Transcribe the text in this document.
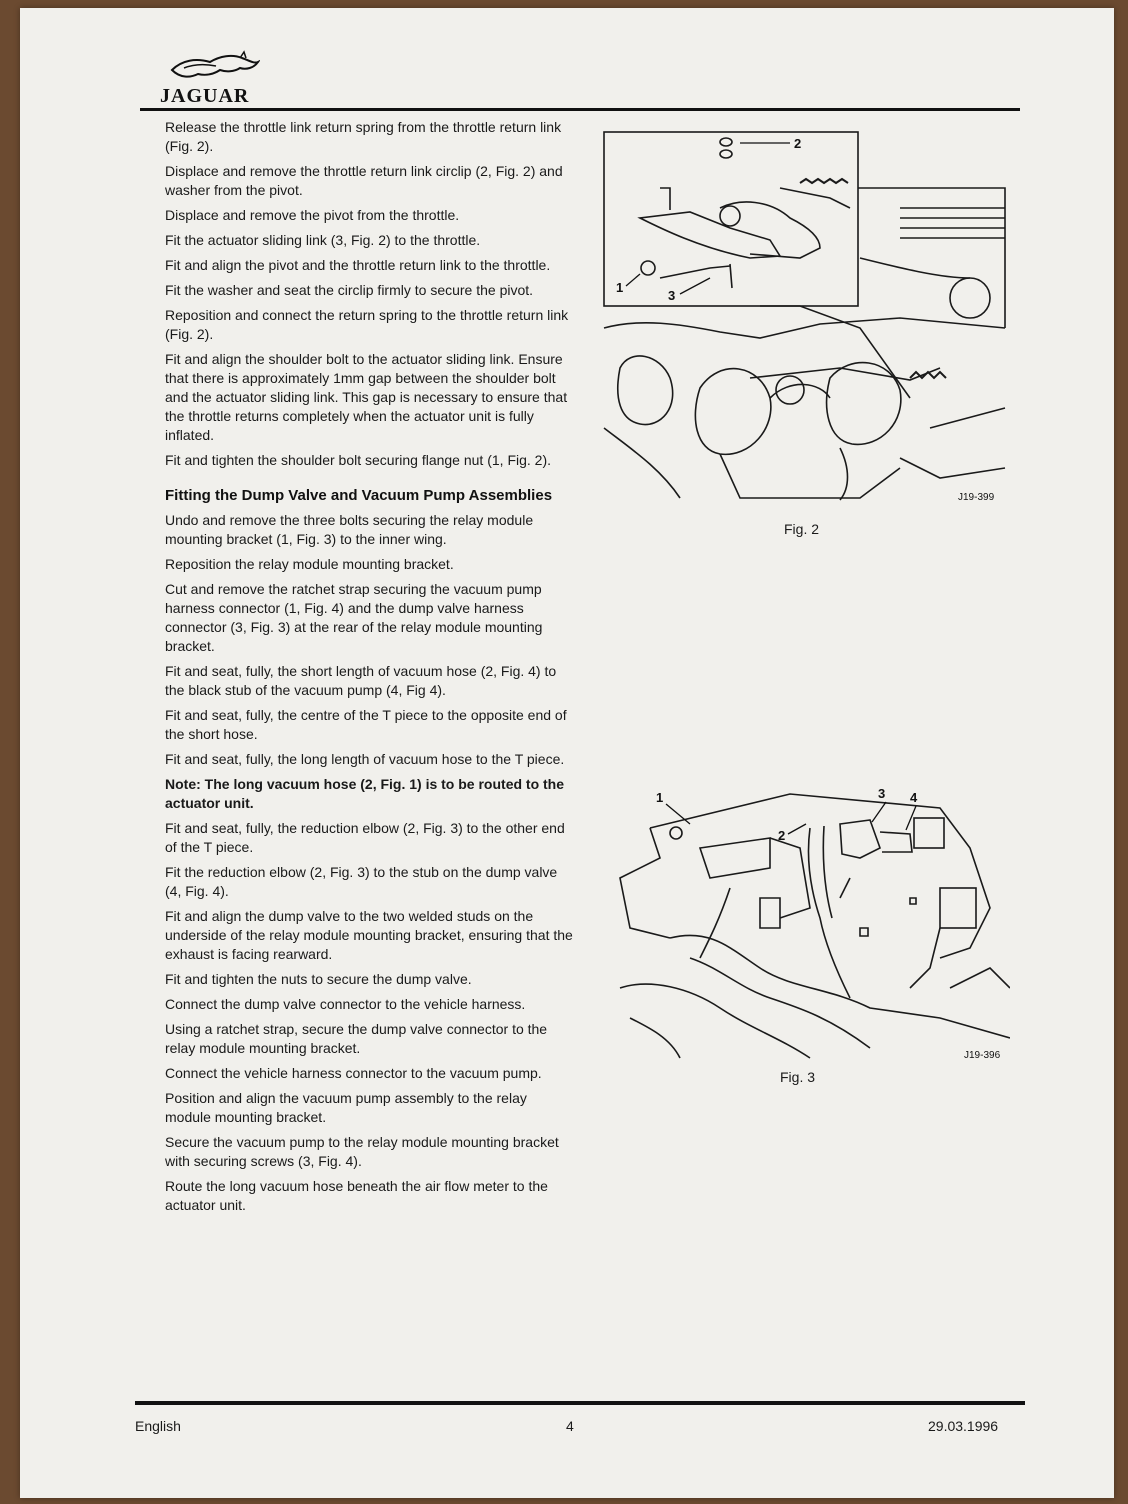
JAGUAR
Release the throttle link return spring from the throttle return link (Fig. 2).
Displace and remove the throttle return link circlip (2, Fig. 2) and washer from the pivot.
Displace and remove the pivot from the throttle.
Fit the actuator sliding link (3, Fig. 2) to the throttle.
Fit and align the pivot and the throttle return link to the throttle.
Fit the washer and seat the circlip firmly to secure the pivot.
Reposition and connect the return spring to the throttle return link (Fig. 2).
Fit and align the shoulder bolt to the actuator sliding link. Ensure that there is approximately 1mm gap between the shoulder bolt and the actuator sliding link. This gap is necessary to ensure that the throttle returns completely when the actuator unit is fully inflated.
Fit and tighten the shoulder bolt securing flange nut (1, Fig. 2).
Fitting the Dump Valve and Vacuum Pump Assemblies
Undo and remove the three bolts securing the relay module mounting bracket (1, Fig. 3) to the inner wing.
Reposition the relay module mounting bracket.
Cut and remove the ratchet strap securing the vacuum pump harness connector (1, Fig. 4) and the dump valve harness connector (3, Fig. 3) at the rear of the relay module mounting bracket.
Fit and seat, fully, the short length of vacuum hose (2, Fig. 4) to the black stub of the vacuum pump (4, Fig 4).
Fit and seat, fully, the centre of the T piece to the opposite end of the short hose.
Fit and seat, fully, the long length of vacuum hose to the T piece.
Note: The long vacuum hose (2, Fig. 1) is to be routed to the actuator unit.
Fit and seat, fully, the reduction elbow (2, Fig. 3) to the other end of the T piece.
Fit the reduction elbow (2, Fig. 3) to the stub on the dump valve (4, Fig. 4).
Fit and align the dump valve to the two welded studs on the underside of the relay module mounting bracket, ensuring that the exhaust is facing rearward.
Fit and tighten the nuts to secure the dump valve.
Connect the dump valve connector to the vehicle harness.
Using a ratchet strap, secure the dump valve connector to the relay module mounting bracket.
Connect the vehicle harness connector to the vacuum pump.
Position and align the vacuum pump assembly to the relay module mounting bracket.
Secure the vacuum pump to the relay module mounting bracket with securing screws (3, Fig. 4).
Route the long vacuum hose beneath the air flow meter to the actuator unit.
2
1
3
J19-399
Fig. 2
1
2
3 4
J19-396
Fig. 3
English	4	29.03.1996
